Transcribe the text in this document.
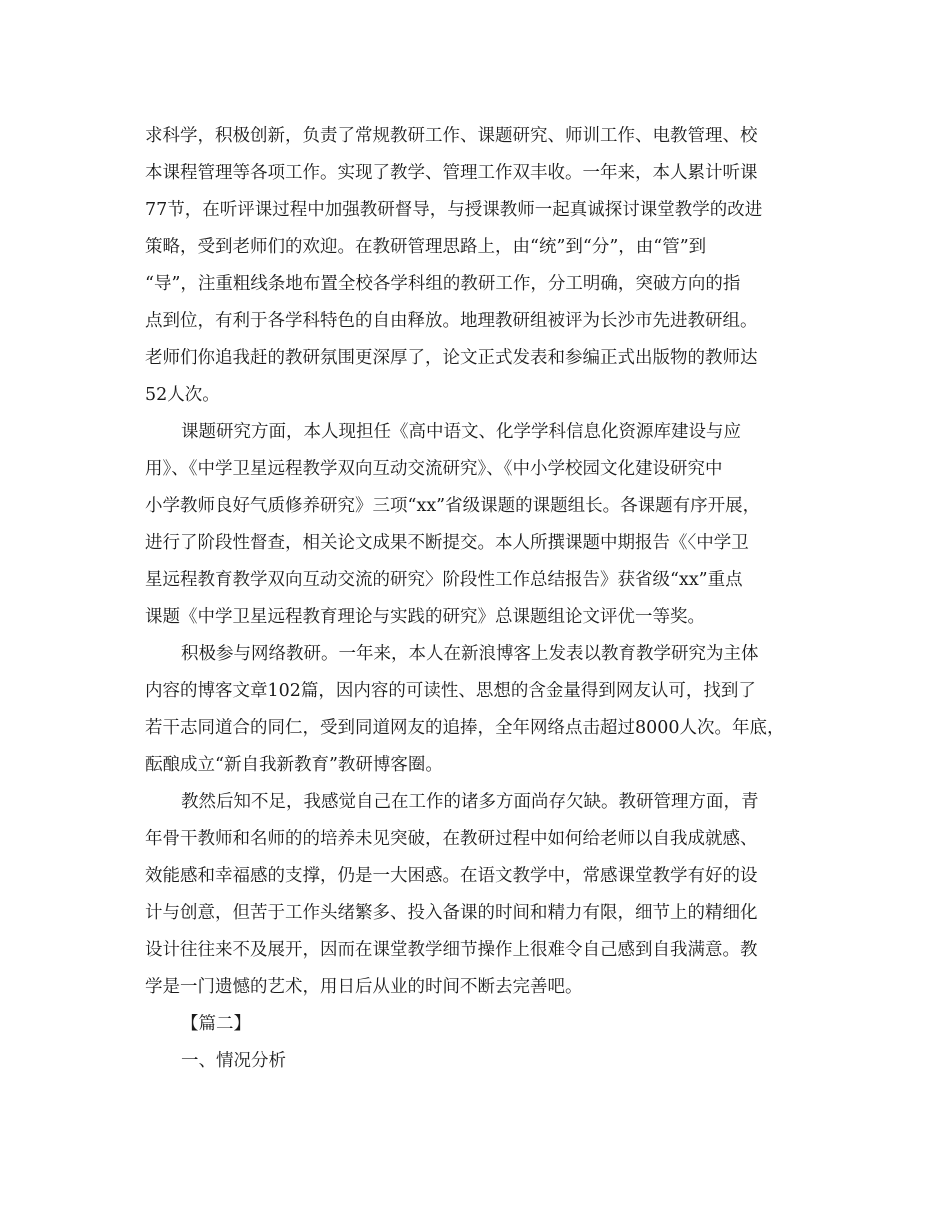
求科学，积极创新，负责了常规教研工作、课题研究、师训工作、电教管理、校
本课程管理等各项工作。实现了教学、管理工作双丰收。一年来，本人累计听课
77节，在听评课过程中加强教研督导，与授课教师一起真诚探讨课堂教学的改进
策略，受到老师们的欢迎。在教研管理思路上，由“统”到“分”，由“管”到
“导”，注重粗线条地布置全校各学科组的教研工作，分工明确，突破方向的指
点到位，有利于各学科特色的自由释放。地理教研组被评为长沙市先进教研组。
老师们你追我赶的教研氛围更深厚了，论文正式发表和参编正式出版物的教师达
52人次。
课题研究方面，本人现担任《高中语文、化学学科信息化资源库建设与应
用》、《中学卫星远程教学双向互动交流研究》、《中小学校园文化建设研究中
小学教师良好气质修养研究》三项“xx”省级课题的课题组长。各课题有序开展，
进行了阶段性督查，相关论文成果不断提交。本人所撰课题中期报告《〈中学卫
星远程教育教学双向互动交流的研究〉阶段性工作总结报告》获省级“xx”重点
课题《中学卫星远程教育理论与实践的研究》总课题组论文评优一等奖。
积极参与网络教研。一年来，本人在新浪博客上发表以教育教学研究为主体
内容的博客文章102篇，因内容的可读性、思想的含金量得到网友认可，找到了
若干志同道合的同仁，受到同道网友的追捧，全年网络点击超过8000人次。年底，
酝酿成立“新自我新教育”教研博客圈。
教然后知不足，我感觉自己在工作的诸多方面尚存欠缺。教研管理方面，青
年骨干教师和名师的的培养未见突破，在教研过程中如何给老师以自我成就感、
效能感和幸福感的支撑，仍是一大困惑。在语文教学中，常感课堂教学有好的设
计与创意，但苦于工作头绪繁多、投入备课的时间和精力有限，细节上的精细化
设计往往来不及展开，因而在课堂教学细节操作上很难令自己感到自我满意。教
学是一门遗憾的艺术，用日后从业的时间不断去完善吧。
【篇二】
一、情况分析
